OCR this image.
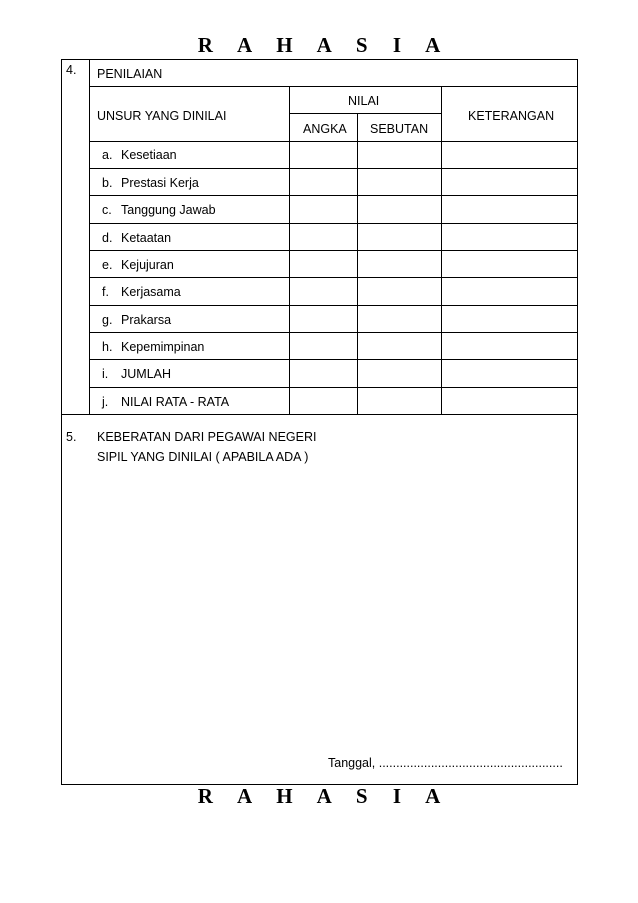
R A H A S I A
4. PENILAIAN
UNSUR YANG DINILAI
NILAI
ANGKA SEBUTAN
KETERANGAN
a. Kesetiaan
b. Prestasi Kerja
c. Tanggung Jawab
d. Ketaatan
e. Kejujuran
f. Kerjasama
g. Prakarsa
h. Kepemimpinan
i. JUMLAH
j. NILAI RATA - RATA
5. KEBERATAN DARI PEGAWAI NEGERI
SIPIL YANG DINILAI ( APABILA ADA )
Tanggal, .....................................................
R A H A S I A
